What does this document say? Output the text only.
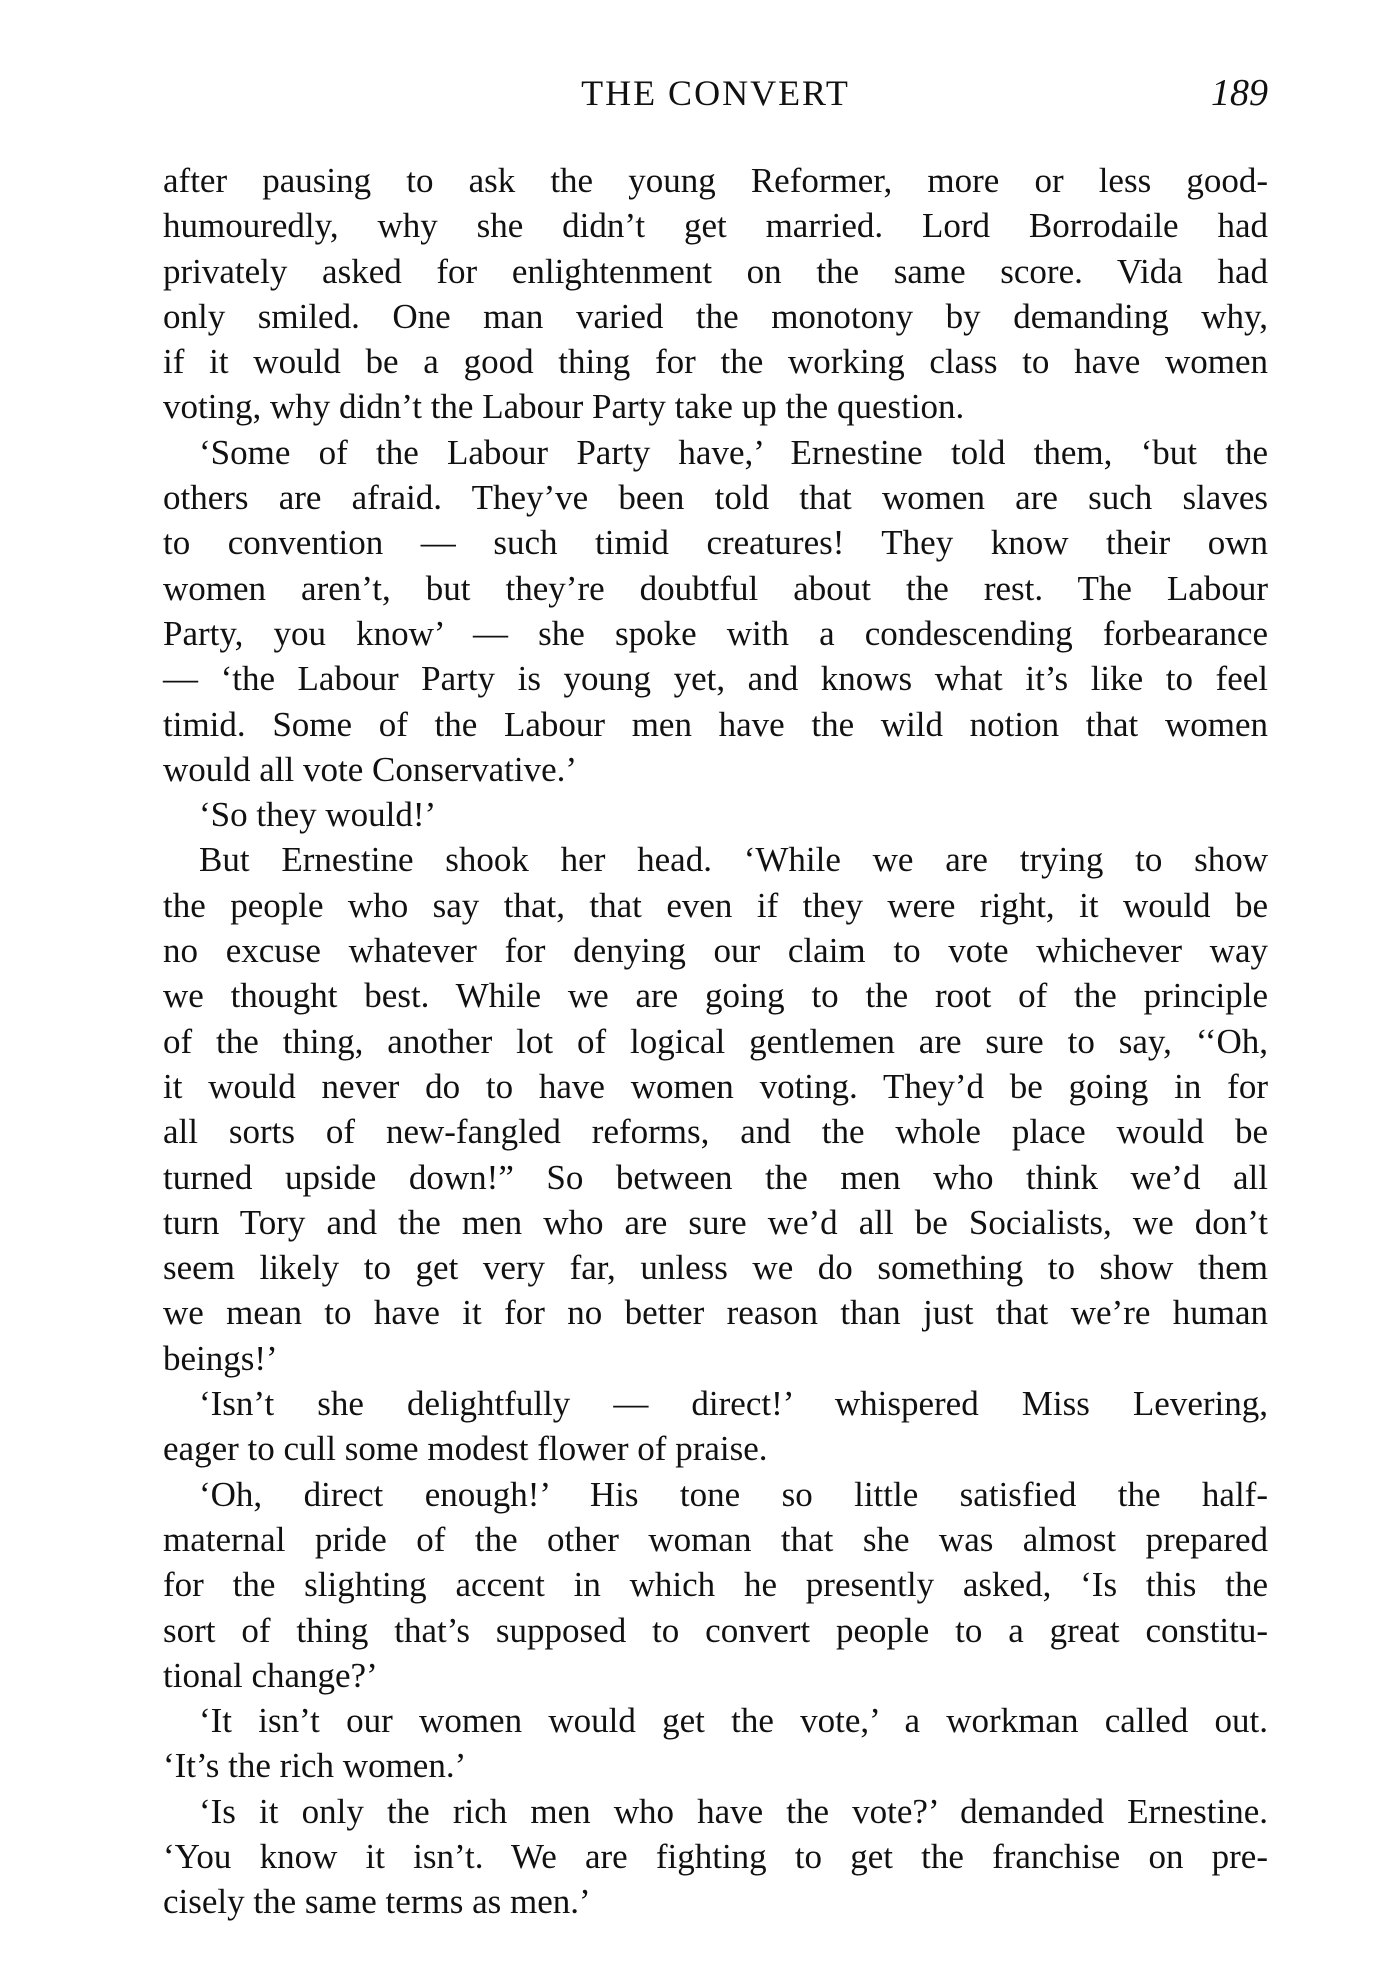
THE CONVERT	189
after pausing to ask the young Reformer, more or less good-
humouredly, why she didn’t get married. Lord Borrodaile had
privately asked for enlightenment on the same score. Vida had
only smiled. One man varied the monotony by demanding why,
if it would be a good thing for the working class to have women
voting, why didn’t the Labour Party take up the question.
‘Some of the Labour Party have,’ Ernestine told them, ‘but the
others are afraid. They’ve been told that women are such slaves
to convention — such timid creatures! They know their own
women aren’t, but they’re doubtful about the rest. The Labour
Party, you know’ — she spoke with a condescending forbearance
— ‘the Labour Party is young yet, and knows what it’s like to feel
timid. Some of the Labour men have the wild notion that women
would all vote Conservative.’
‘So they would!’
But Ernestine shook her head. ‘While we are trying to show
the people who say that, that even if they were right, it would be
no excuse whatever for denying our claim to vote whichever way
we thought best. While we are going to the root of the principle
of the thing, another lot of logical gentlemen are sure to say, ‘‘Oh,
it would never do to have women voting. They’d be going in for
all sorts of new-fangled reforms, and the whole place would be
turned upside down!” So between the men who think we’d all
turn Tory and the men who are sure we’d all be Socialists, we don’t
seem likely to get very far, unless we do something to show them
we mean to have it for no better reason than just that we’re human
beings!’
‘Isn’t she delightfully — direct!’ whispered Miss Levering,
eager to cull some modest flower of praise.
‘Oh, direct enough!’ His tone so little satisfied the half-
maternal pride of the other woman that she was almost prepared
for the slighting accent in which he presently asked, ‘Is this the
sort of thing that’s supposed to convert people to a great constitu-
tional change?’
‘It isn’t our women would get the vote,’ a workman called out.
‘It’s the rich women.’
‘Is it only the rich men who have the vote?’ demanded Ernestine.
‘You know it isn’t. We are fighting to get the franchise on pre-
cisely the same terms as men.’
